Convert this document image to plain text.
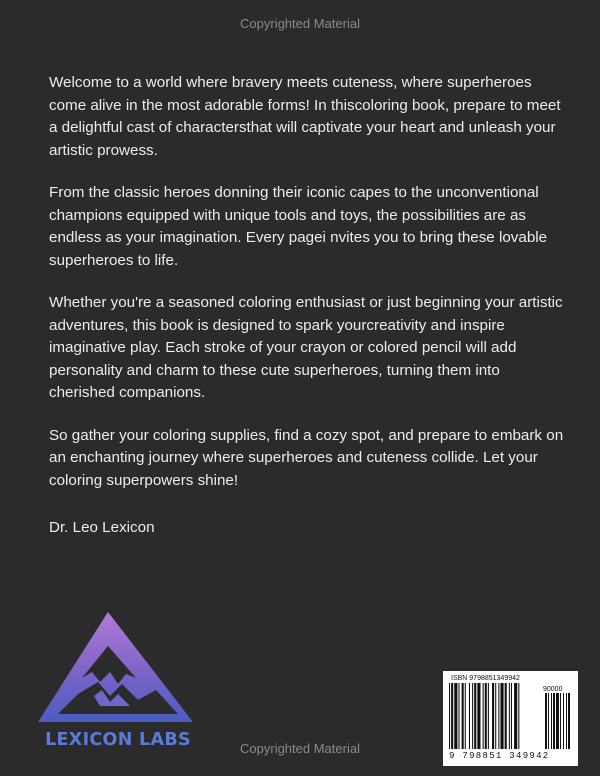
Copyrighted Material

Welcome to a world where bravery meets cuteness, where superheroes come alive in the most adorable forms! In thiscoloring book, prepare to meet a delightful cast of charactersthat will captivate your heart and unleash your artistic prowess.

From the classic heroes donning their iconic capes to the unconventional champions equipped with unique tools and toys, the possibilities are as endless as your imagination. Every pagei nvites you to bring these lovable superheroes to life.

Whether you're a seasoned coloring enthusiast or just beginning your artistic adventures, this book is designed to spark yourcreativity and inspire imaginative play. Each stroke of your crayon or colored pencil will add personality and charm to these cute superheroes, turning them into cherished companions.

So gather your coloring supplies, find a cozy spot, and prepare to embark on an enchanting journey where superheroes and cuteness collide. Let your coloring superpowers shine!

Dr. Leo Lexicon

LEXICON LABS
ISBN 9798851349942
90000
9 798851 349942
Copyrighted Material
